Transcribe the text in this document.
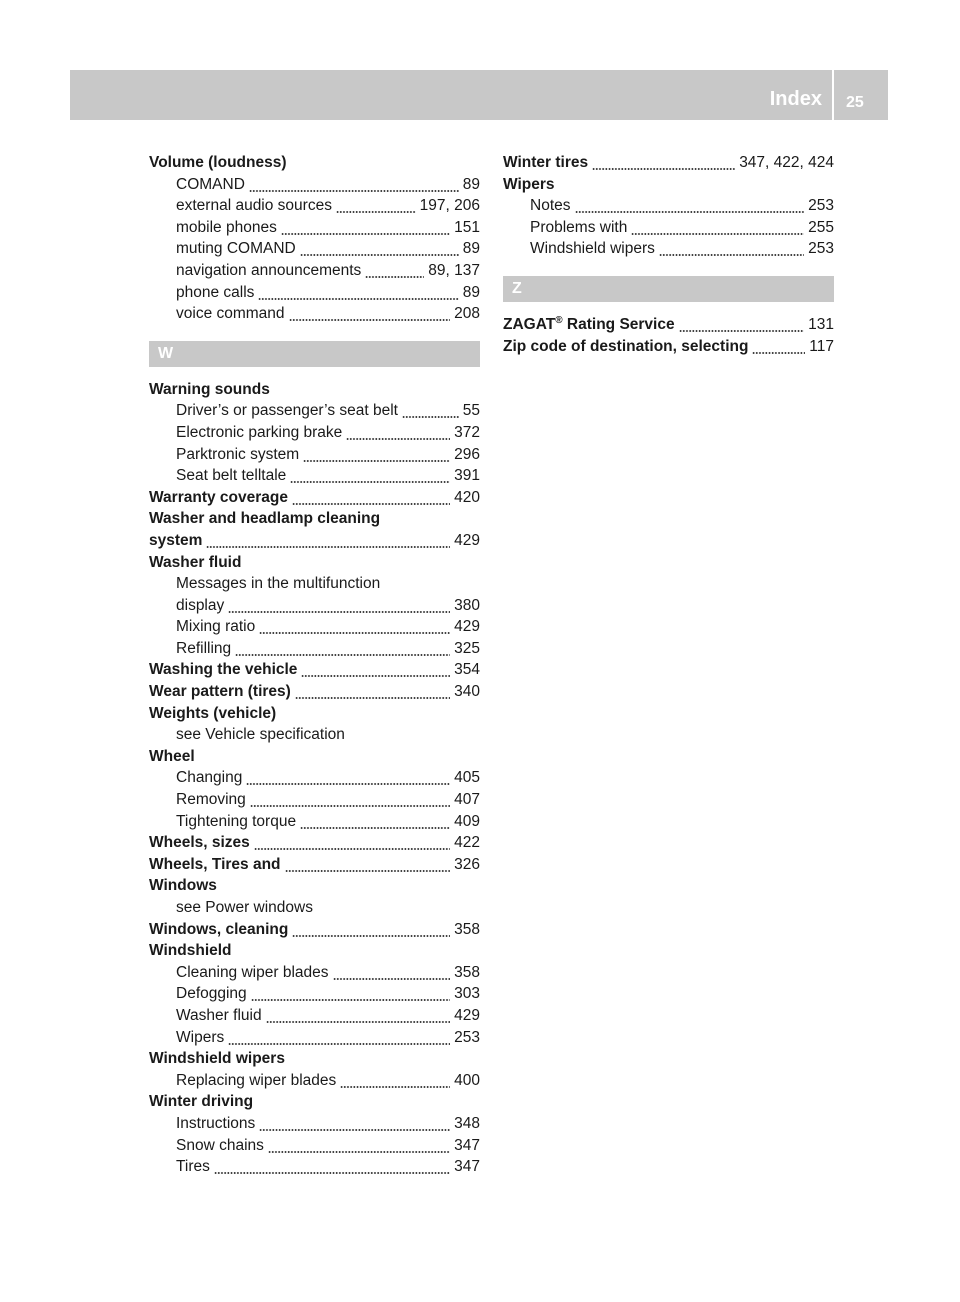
Index 25
Volume (loudness)
COMAND	89
external audio sources	197, 206
mobile phones	151
muting COMAND	89
navigation announcements	89, 137
phone calls	89
voice command	208
W
Warning sounds
Driver’s or passenger’s seat belt	55
Electronic parking brake	372
Parktronic system	296
Seat belt telltale	391
Warranty coverage	420
Washer and headlamp cleaning
system	429
Washer fluid
Messages in the multifunction
display	380
Mixing ratio	429
Refilling	325
Washing the vehicle	354
Wear pattern (tires)	340
Weights (vehicle)
see Vehicle specification
Wheel
Changing	405
Removing	407
Tightening torque	409
Wheels, sizes	422
Wheels, Tires and	326
Windows
see Power windows
Windows, cleaning	358
Windshield
Cleaning wiper blades	358
Defogging	303
Washer fluid	429
Wipers	253
Windshield wipers
Replacing wiper blades	400
Winter driving
Instructions	348
Snow chains	347
Tires	347
Winter tires	347, 422, 424
Wipers
Notes	253
Problems with	255
Windshield wipers	253
Z
ZAGAT® Rating Service	131
Zip code of destination, selecting	117
